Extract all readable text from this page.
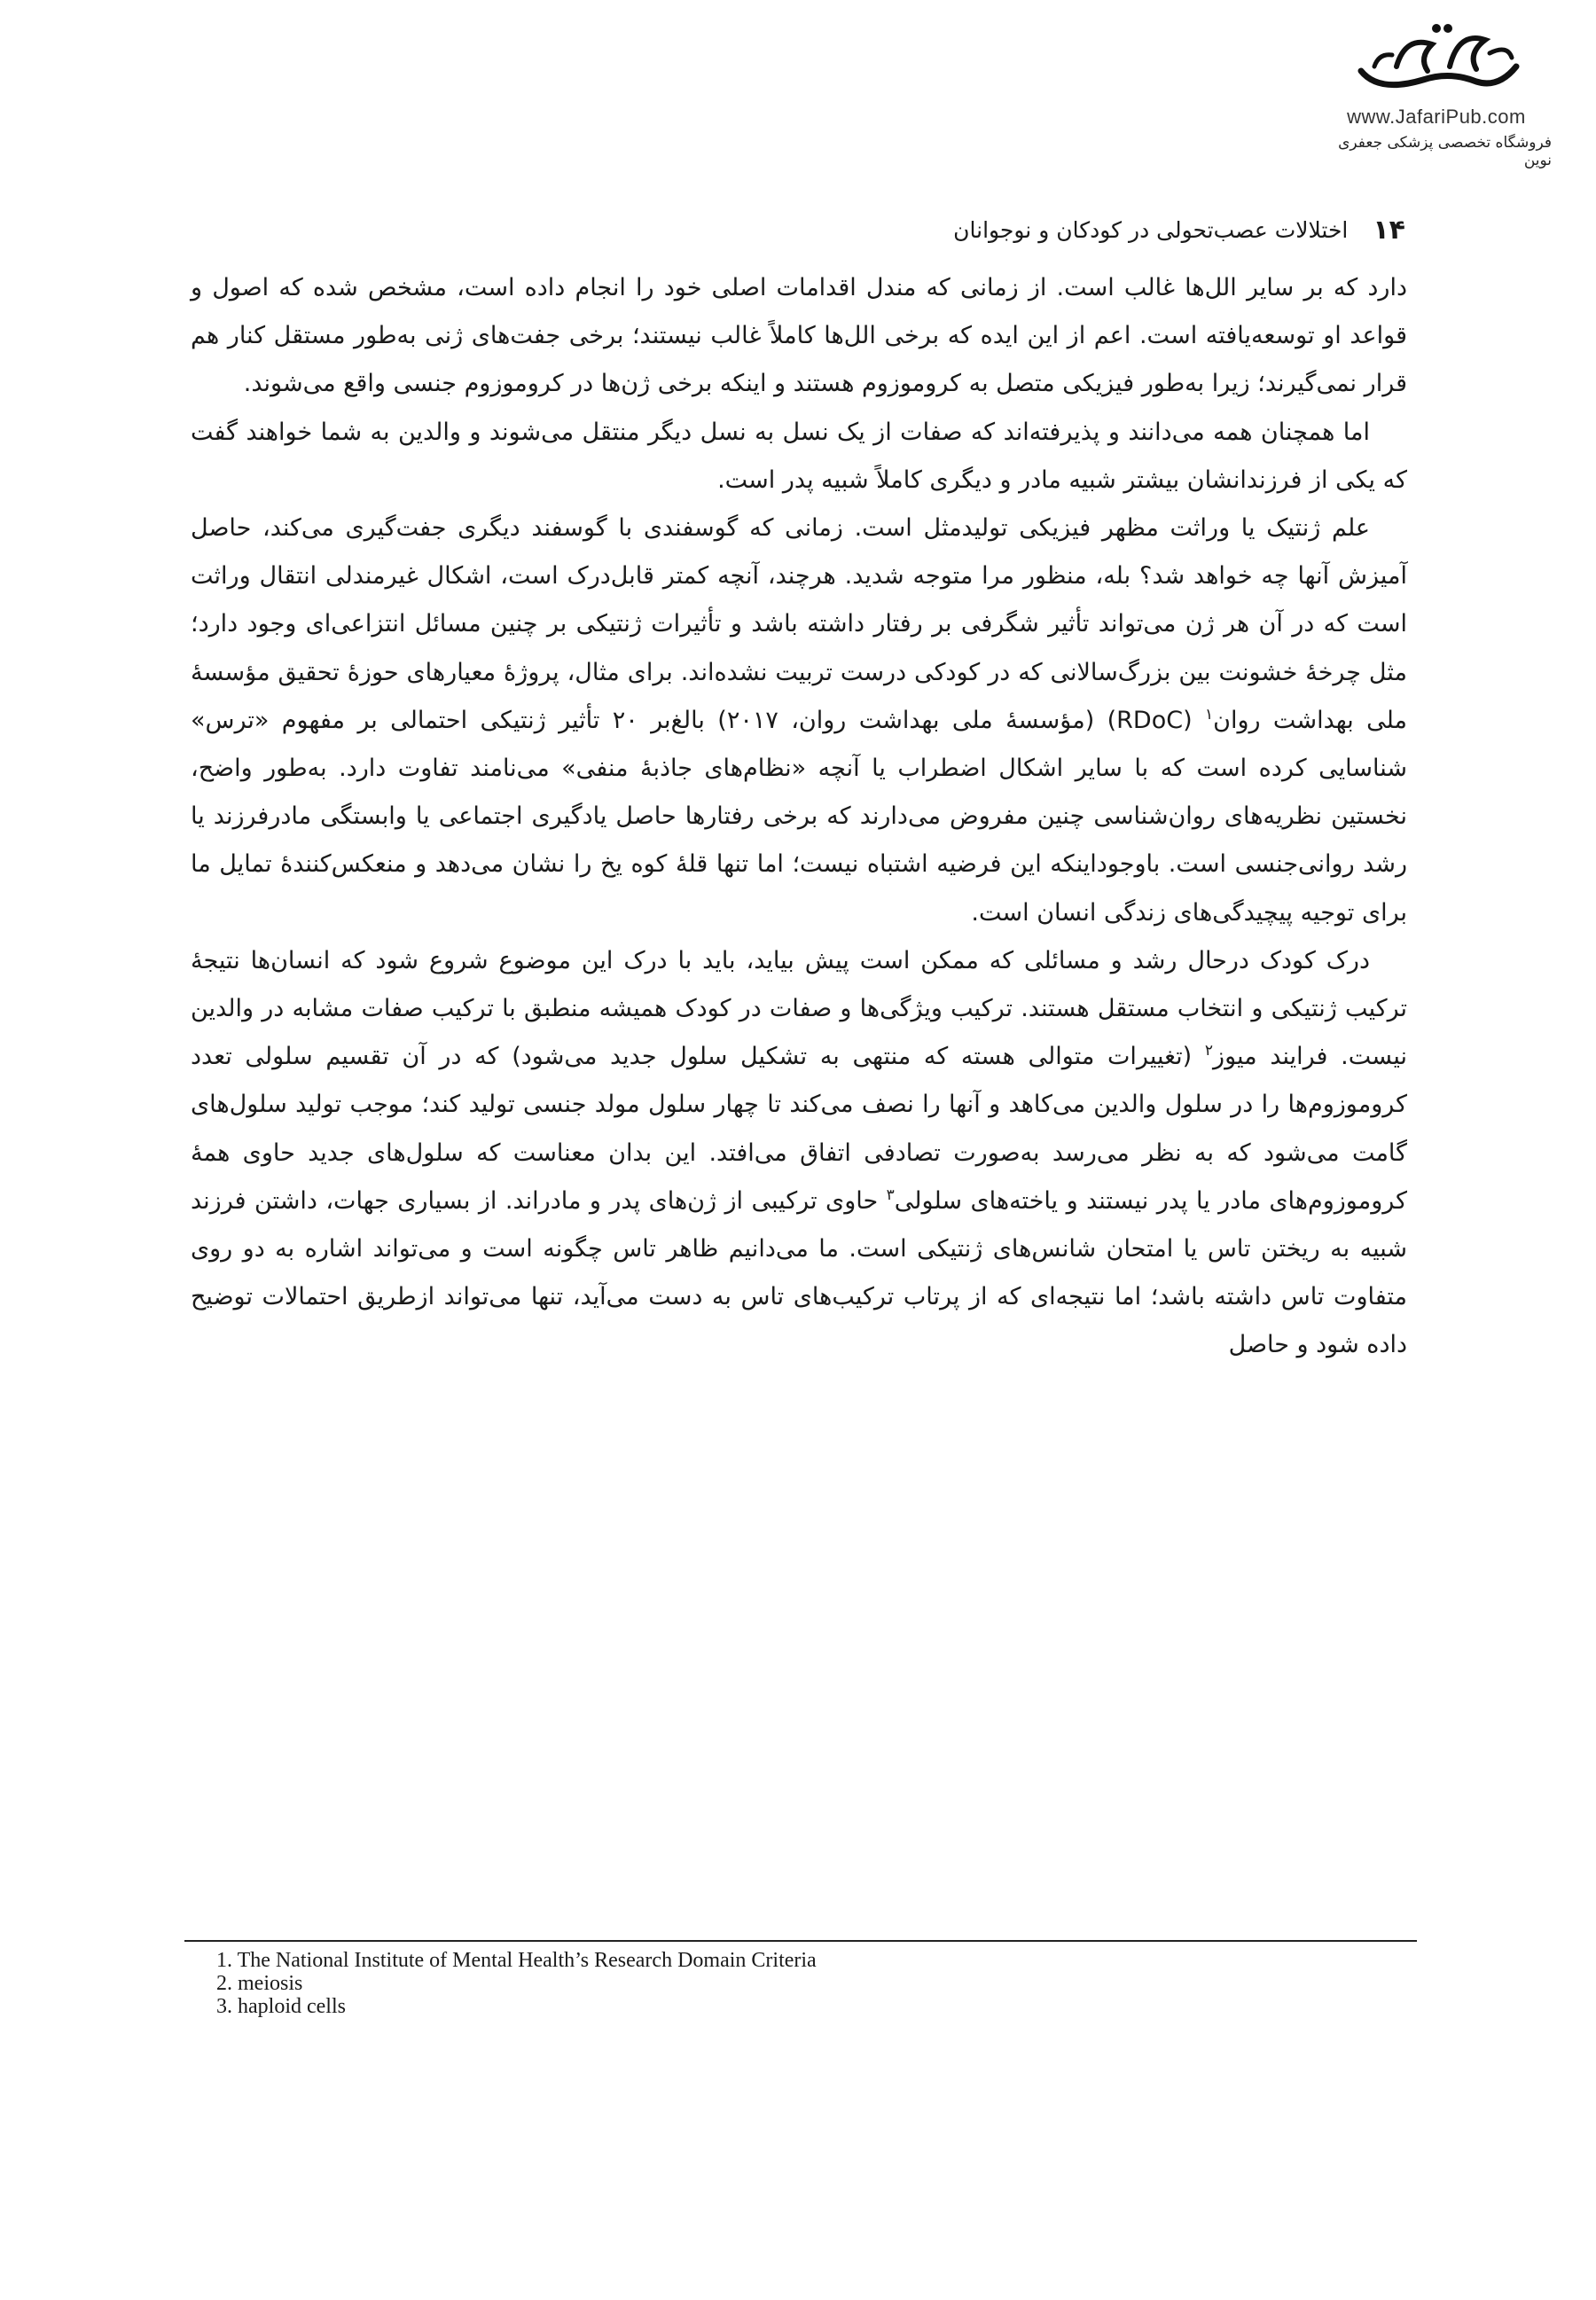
www.JafariPub.com
فروشگاه تخصصی پزشکی جعفری نوین
۱۴
اختلالات عصب‌تحولی در کودکان و نوجوانان

دارد که بر سایر الل‌ها غالب است. از زمانی که مندل اقدامات اصلی خود را انجام داده است، مشخص شده که اصول و قواعد او توسعه‌یافته است. اعم از این ایده که برخی الل‌ها کاملاً غالب نیستند؛ برخی جفت‌های ژنی به‌طور مستقل کنار هم قرار نمی‌گیرند؛ زیرا به‌طور فیزیکی متصل به کروموزوم هستند و اینکه برخی ژن‌ها در کروموزوم جنسی واقع می‌شوند.

اما همچنان همه می‌دانند و پذیرفته‌اند که صفات از یک نسل به نسل دیگر منتقل می‌شوند و والدین به شما خواهند گفت که یکی از فرزندانشان بیشتر شبیه مادر و دیگری کاملاً شبیه پدر است.

علم ژنتیک یا وراثت مظهر فیزیکی تولیدمثل است. زمانی که گوسفندی با گوسفند دیگری جفت‌گیری می‌کند، حاصل آمیزش آنها چه خواهد شد؟ بله، منظور مرا متوجه شدید. هرچند، آنچه کمتر قابل‌درک است، اشکال غیرمندلی انتقال وراثت است که در آن هر ژن می‌تواند تأثیر شگرفی بر رفتار داشته باشد و تأثیرات ژنتیکی بر چنین مسائل انتزاعی‌ای وجود دارد؛ مثل چرخهٔ خشونت بین بزرگ‌سالانی که در کودکی درست تربیت نشده‌اند. برای مثال، پروژهٔ معیارهای حوزهٔ تحقیق مؤسسهٔ ملی بهداشت روان$^۱$ (RDoC) (مؤسسهٔ ملی بهداشت روان، ۲۰۱۷) بالغ‌بر ۲۰ تأثیر ژنتیکی احتمالی بر مفهوم «ترس» شناسایی کرده است که با سایر اشکال اضطراب یا آنچه «نظام‌های جاذبهٔ منفی» می‌نامند تفاوت دارد. به‌طور واضح، نخستین نظریه‌های روان‌شناسی چنین مفروض می‌دارند که برخی رفتارها حاصل یادگیری اجتماعی یا وابستگی مادرفرزند یا رشد روانی‌جنسی است. باوجوداینکه این فرضیه اشتباه نیست؛ اما تنها قلهٔ کوه یخ را نشان می‌دهد و منعکس‌کنندهٔ تمایل ما برای توجیه پیچیدگی‌های زندگی انسان است.

درک کودک درحال رشد و مسائلی که ممکن است پیش بیاید، باید با درک این موضوع شروع شود که انسان‌ها نتیجهٔ ترکیب ژنتیکی و انتخاب مستقل هستند. ترکیب ویژگی‌ها و صفات در کودک همیشه منطبق با ترکیب صفات مشابه در والدین نیست. فرایند میوز$^۲$ (تغییرات متوالی هسته که منتهی به تشکیل سلول جدید می‌شود) که در آن تقسیم سلولی تعدد کروموزوم‌ها را در سلول والدین می‌کاهد و آنها را نصف می‌کند تا چهار سلول مولد جنسی تولید کند؛ موجب تولید سلول‌های گامت می‌شود که به نظر می‌رسد به‌صورت تصادفی اتفاق می‌افتد. این بدان معناست که سلول‌های جدید حاوی همهٔ کروموزوم‌های مادر یا پدر نیستند و یاخته‌های سلولی$^۳$ حاوی ترکیبی از ژن‌های پدر و مادراند. از بسیاری جهات، داشتن فرزند شبیه به ریختن تاس یا امتحان شانس‌های ژنتیکی است. ما می‌دانیم ظاهر تاس چگونه است و می‌تواند اشاره به دو روی متفاوت تاس داشته باشد؛ اما نتیجه‌ای که از پرتاب ترکیب‌های تاس به دست می‌آید، تنها می‌تواند ازطریق احتمالات توضیح داده شود و حاصل

1. The National Institute of Mental Health’s Research Domain Criteria
2. meiosis
3. haploid cells
